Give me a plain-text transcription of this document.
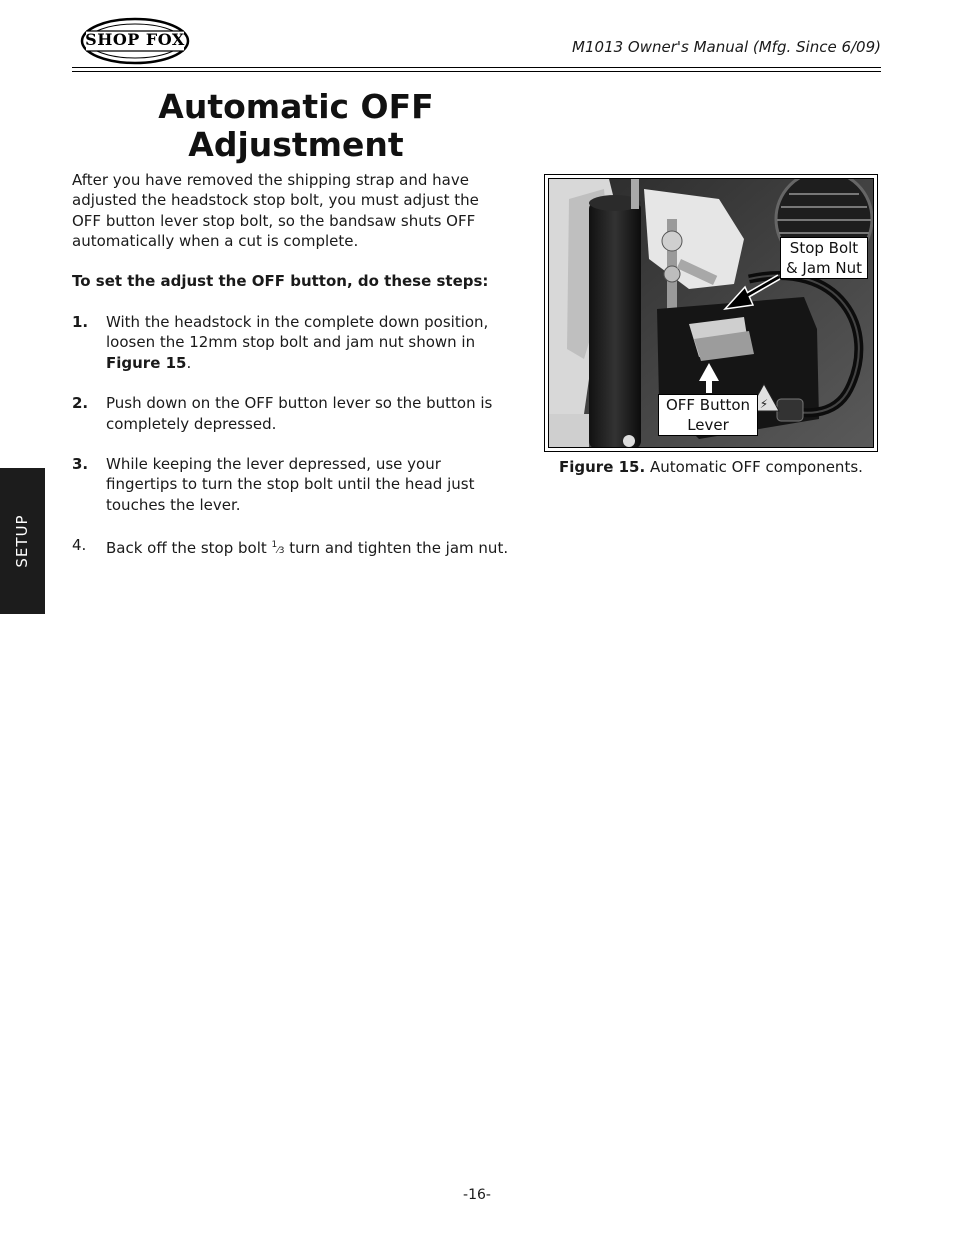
SHOP FOX	M1013 Owner's Manual (Mfg. Since 6/09)
Automatic OFF
Adjustment

After you have removed the shipping strap and have adjusted the headstock stop bolt, you must adjust the OFF button lever stop bolt, so the bandsaw shuts OFF automatically when a cut is complete.

To set the adjust the OFF button, do these steps:

1.	With the headstock in the complete down position, loosen the 12mm stop bolt and jam nut shown in Figure 15.
2.	Push down on the OFF button lever so the button is completely depressed.
3.	While keeping the lever depressed, use your fingertips to turn the stop bolt until the head just touches the lever.
4.	Back off the stop bolt $^1$⁄3 turn and tighten the jam nut.
⚡
Stop Bolt
& Jam Nut
OFF Button
Lever
Figure 15. Automatic OFF components.
SETUP
-16-
